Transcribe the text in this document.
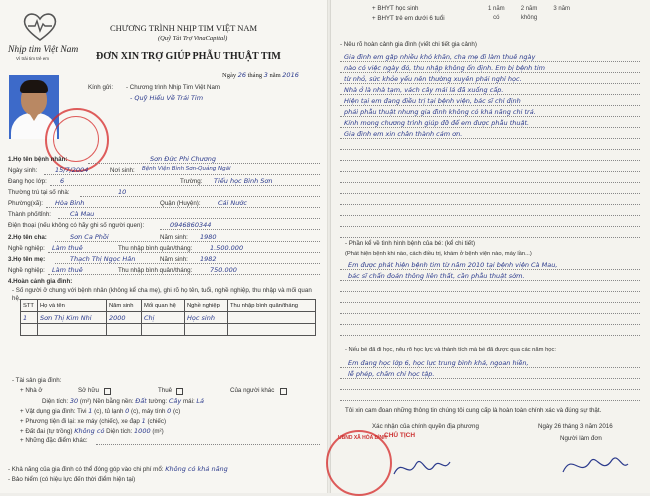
Nhịp tim Việt Nam
Vì trái tim trẻ em
CHƯƠNG TRÌNH NHỊP TIM VIỆT NAM
(Quỹ Tài Trợ VinaCapital)
ĐƠN XIN TRỢ GIÚP PHẪU THUẬT TIM
Ngày 26 tháng 3 năm 2016
Kính gửi: - Chương trình Nhịp Tim Việt Nam
- Quỹ Hiểu Về Trái Tim
1.Họ tên bệnh nhân:	Sơn Đức Phi Chương
Ngày sinh:	15/7/2004	Nơi sinh: Bệnh Viện Bình Sơn-Quảng Ngãi
Đang học lớp: 6	Trường: Tiểu học Bình Sơn
Thường trú tại số nhà:	10
Phường(xã): Hòa Bình	Quận (Huyện):	Cái Nước
Thành phố/tỉnh:	Cà Mau
Điện thoại (nếu không có hãy ghi số người quen):	0946860344
2.Họ tên cha:	Sơn Ca Phồi	Năm sinh: 1980
Nghề nghiệp: Làm thuê	Thu nhập bình quân/tháng:	1.500.000
3.Họ tên mẹ:	Thạch Thị Ngọc Hân	Năm sinh: 1982
Nghề nghiệp: Làm thuê	Thu nhập bình quân/tháng:	750.000
4.Hoàn cảnh gia đình:
- Số người ở chung với bệnh nhân (không kể cha mẹ), ghi rõ họ tên, tuổi, nghề nghiệp, thu nhập và mối quan hệ.
STT	Họ và tên	Năm sinh	Mối quan hệ	Nghề nghiệp	Thu nhập bình quân/tháng
1	Sơn Thị Kim Nhi	2000	Chị	Học sinh	

- Tài sản gia đình:
+ Nhà ở	Sở hữu	Thuê	Của người khác
Diện tích: 30 (m²) Nền bằng nền: Đất tường: Cây mái: Lá
+ Vật dụng gia đình: Tivi 1 (c), tủ lạnh 0 (c), máy tính 0 (c)
+ Phương tiện đi lại: xe máy (chiếc), xe đạp 1 (chiếc)
+ Đất đai (tự trồng) Không có Diện tích: 1000 (m²)
+ Những đặc điểm khác:
- Khả năng của gia đình có thể đóng góp vào chi phí mổ: Không có khả năng
- Bảo hiểm (có hiệu lực đến thời điểm hiện tại)
+ BHYT học sinh
+ BHYT trẻ em dưới 6 tuổi
1 năm	2 năm	3 năm
có	không	
- Nêu rõ hoàn cảnh gia đình (viết chi tiết gia cảnh)
Gia đình em gặp nhiều khó khăn, cha mẹ đi làm thuê ngày
nào có việc ngày đó, thu nhập không ổn định. Em bị bệnh tim
từ nhỏ, sức khỏe yếu nên thường xuyên phải nghỉ học.
Nhà ở là nhà tạm, vách cây mái lá đã xuống cấp.
Hiện tại em đang điều trị tại bệnh viện, bác sĩ chỉ định
phải phẫu thuật nhưng gia đình không có khả năng chi trả.
Kính mong chương trình giúp đỡ để em được phẫu thuật.
Gia đình em xin chân thành cảm ơn.
- Phần kể về tình hình bệnh của bé: (kể chi tiết)
(Phát hiện bệnh khi nào, cách điều trị, khám ở bệnh viện nào, máy lần...)
Em được phát hiện bệnh tim từ năm 2010 tại bệnh viện Cà Mau,
bác sĩ chẩn đoán thông liên thất, cần phẫu thuật sớm.
- Nếu bé đã đi học, nêu rõ học lực và thành tích mà bé đã được qua các năm học:
Em đang học lớp 6, học lực trung bình khá, ngoan hiền,
lễ phép, chăm chỉ học tập.
Tôi xin cam đoan những thông tin chúng tôi cung cấp là hoàn toàn chính xác và đúng sự thật.
Xác nhận của chính quyền địa phương	Ngày 26 tháng 3 năm 2016
Người làm đơn
UBND XÃ HÒA BÌNH
CHỦ TỊCH
